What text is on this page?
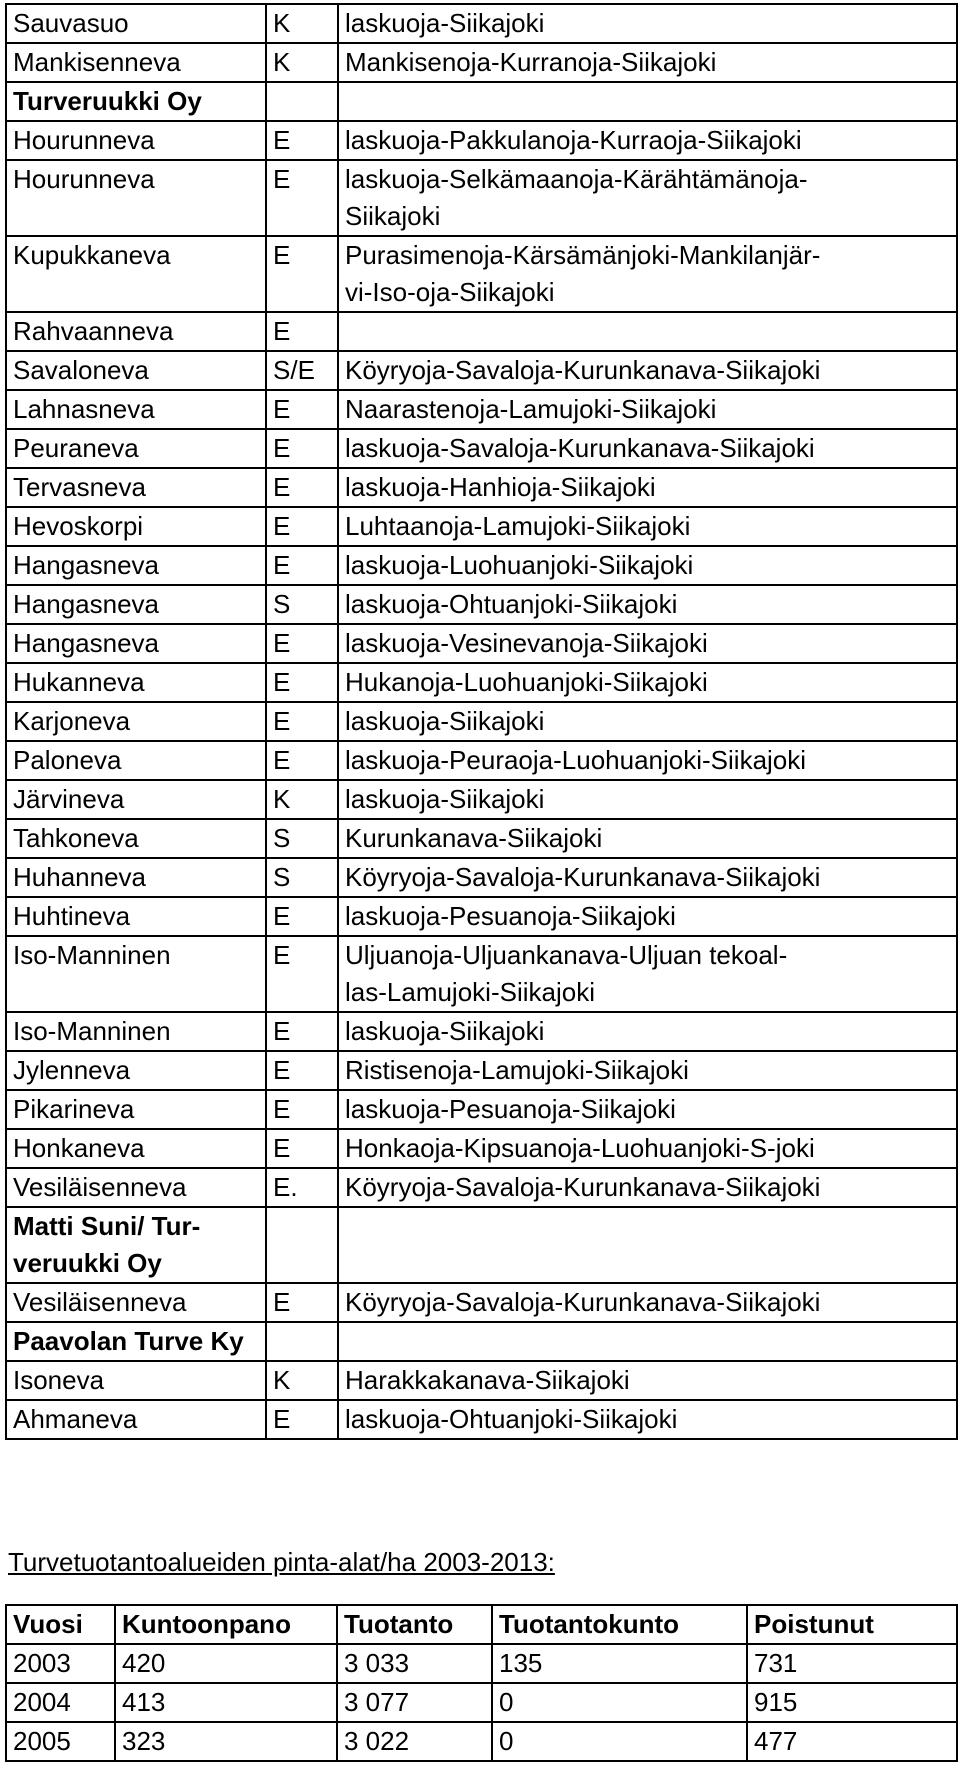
Sauvasuo	K	laskuoja-Siikajoki

Mankisenneva	K	Mankisenoja-Kurranoja-Siikajoki

Turveruukki Oy		
Hourunneva	E	laskuoja-Pakkulanoja-Kurraoja-Siikajoki

Hourunneva	E	laskuoja-Selkämaanoja-Kärähtämänoja-
Siikajoki

Kupukkaneva	E	Purasimenoja-Kärsämänjoki-Mankilanjär-
vi-Iso-oja-Siikajoki

Rahvaanneva	E	

Savaloneva	S/E	Köyryoja-Savaloja-Kurunkanava-Siikajoki

Lahnasneva	E	Naarastenoja-Lamujoki-Siikajoki

Peuraneva	E	laskuoja-Savaloja-Kurunkanava-Siikajoki

Tervasneva	E	laskuoja-Hanhioja-Siikajoki

Hevoskorpi	E	Luhtaanoja-Lamujoki-Siikajoki

Hangasneva	E	laskuoja-Luohuanjoki-Siikajoki

Hangasneva	S	laskuoja-Ohtuanjoki-Siikajoki

Hangasneva	E	laskuoja-Vesinevanoja-Siikajoki

Hukanneva	E	Hukanoja-Luohuanjoki-Siikajoki

Karjoneva	E	laskuoja-Siikajoki

Paloneva	E	laskuoja-Peuraoja-Luohuanjoki-Siikajoki

Järvineva	K	laskuoja-Siikajoki

Tahkoneva	S	Kurunkanava-Siikajoki

Huhanneva	S	Köyryoja-Savaloja-Kurunkanava-Siikajoki

Huhtineva	E	laskuoja-Pesuanoja-Siikajoki

Iso-Manninen	E	Uljuanoja-Uljuankanava-Uljuan tekoal-
las-Lamujoki-Siikajoki

Iso-Manninen	E	laskuoja-Siikajoki

Jylenneva	E	Ristisenoja-Lamujoki-Siikajoki

Pikarineva	E	laskuoja-Pesuanoja-Siikajoki

Honkaneva	E	Honkaoja-Kipsuanoja-Luohuanjoki-S-joki

Vesiläisenneva	E.	Köyryoja-Savaloja-Kurunkanava-Siikajoki

Matti Suni/ Tur- veruukki Oy		
Vesiläisenneva	E	Köyryoja-Savaloja-Kurunkanava-Siikajoki

Paavolan Turve Ky		
Isoneva	K	Harakkakanava-Siikajoki

Ahmaneva	E	laskuoja-Ohtuanjoki-Siikajoki
Turvetuotantoalueiden pinta-alat/ha 2003-2013:
Vuosi	Kuntoonpano	Tuotanto	Tuotantokunto	Poistunut
2003	420	3 033	135	731
2004	413	3 077	0	915
2005	323	3 022	0	477
